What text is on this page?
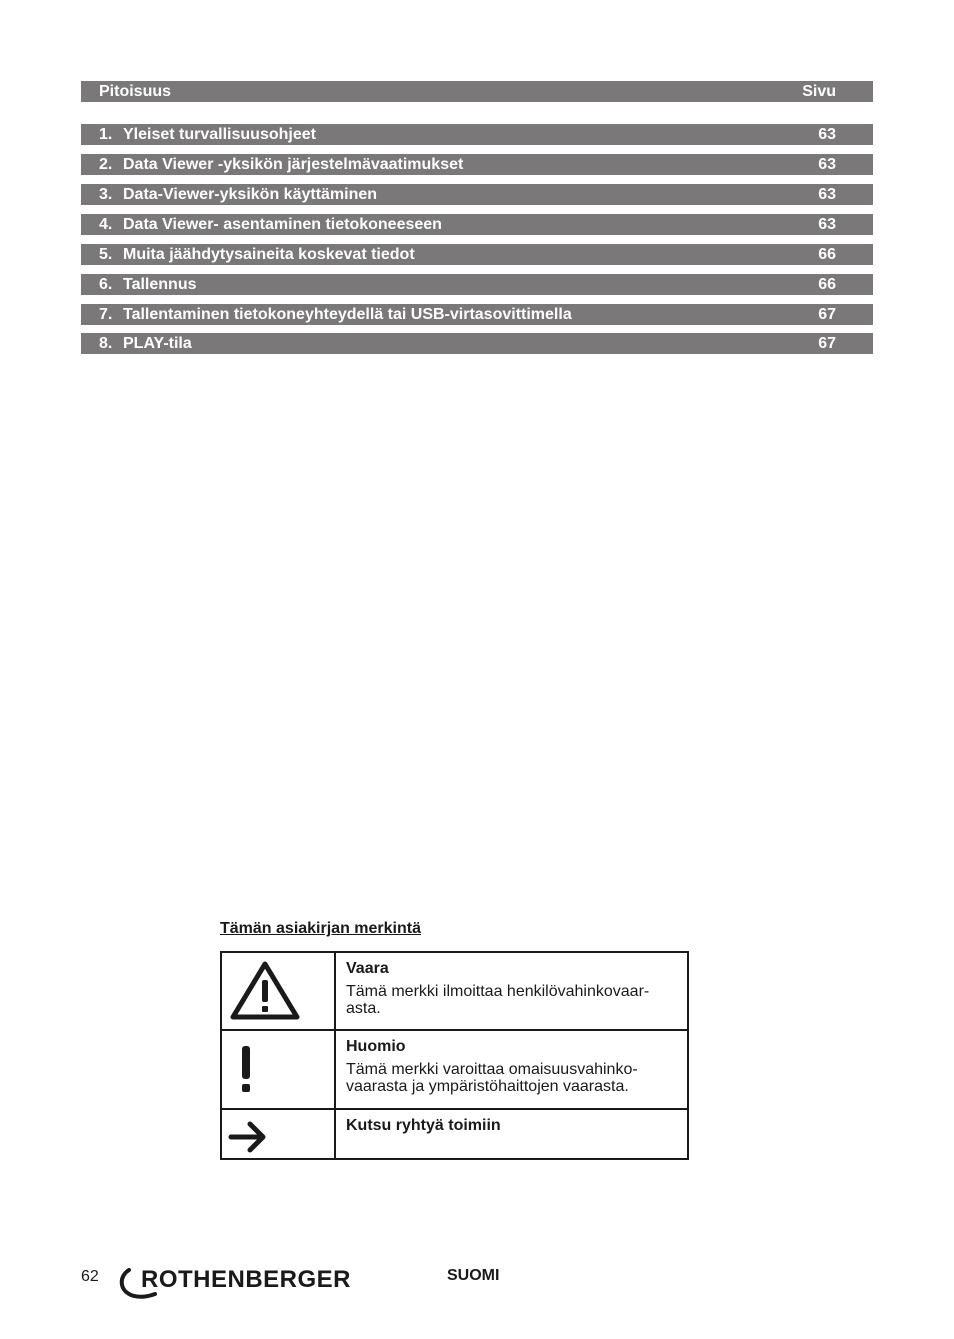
Pitoisuus	Sivu
1. Yleiset turvallisuusohjeet	63
2. Data Viewer -yksikön järjestelmävaatimukset	63
3. Data-Viewer-yksikön käyttäminen	63
4. Data Viewer- asentaminen tietokoneeseen	63
5. Muita jäähdytysaineita koskevat tiedot	66
6. Tallennus	66
7. Tallentaminen tietokoneyhteydellä tai USB-virtasovittimella	67
8. PLAY-tila	67
Tämän asiakirjan merkintä
Vaara
Tämä merkki ilmoittaa henkilövahinkovaar-asta.
Huomio
Tämä merkki varoittaa omaisuusvahinko-vaarasta ja ympäristöhaittojen vaarasta.
Kutsu ryhtyä toimiin
62 ROTHENBERGER	SUOMI
